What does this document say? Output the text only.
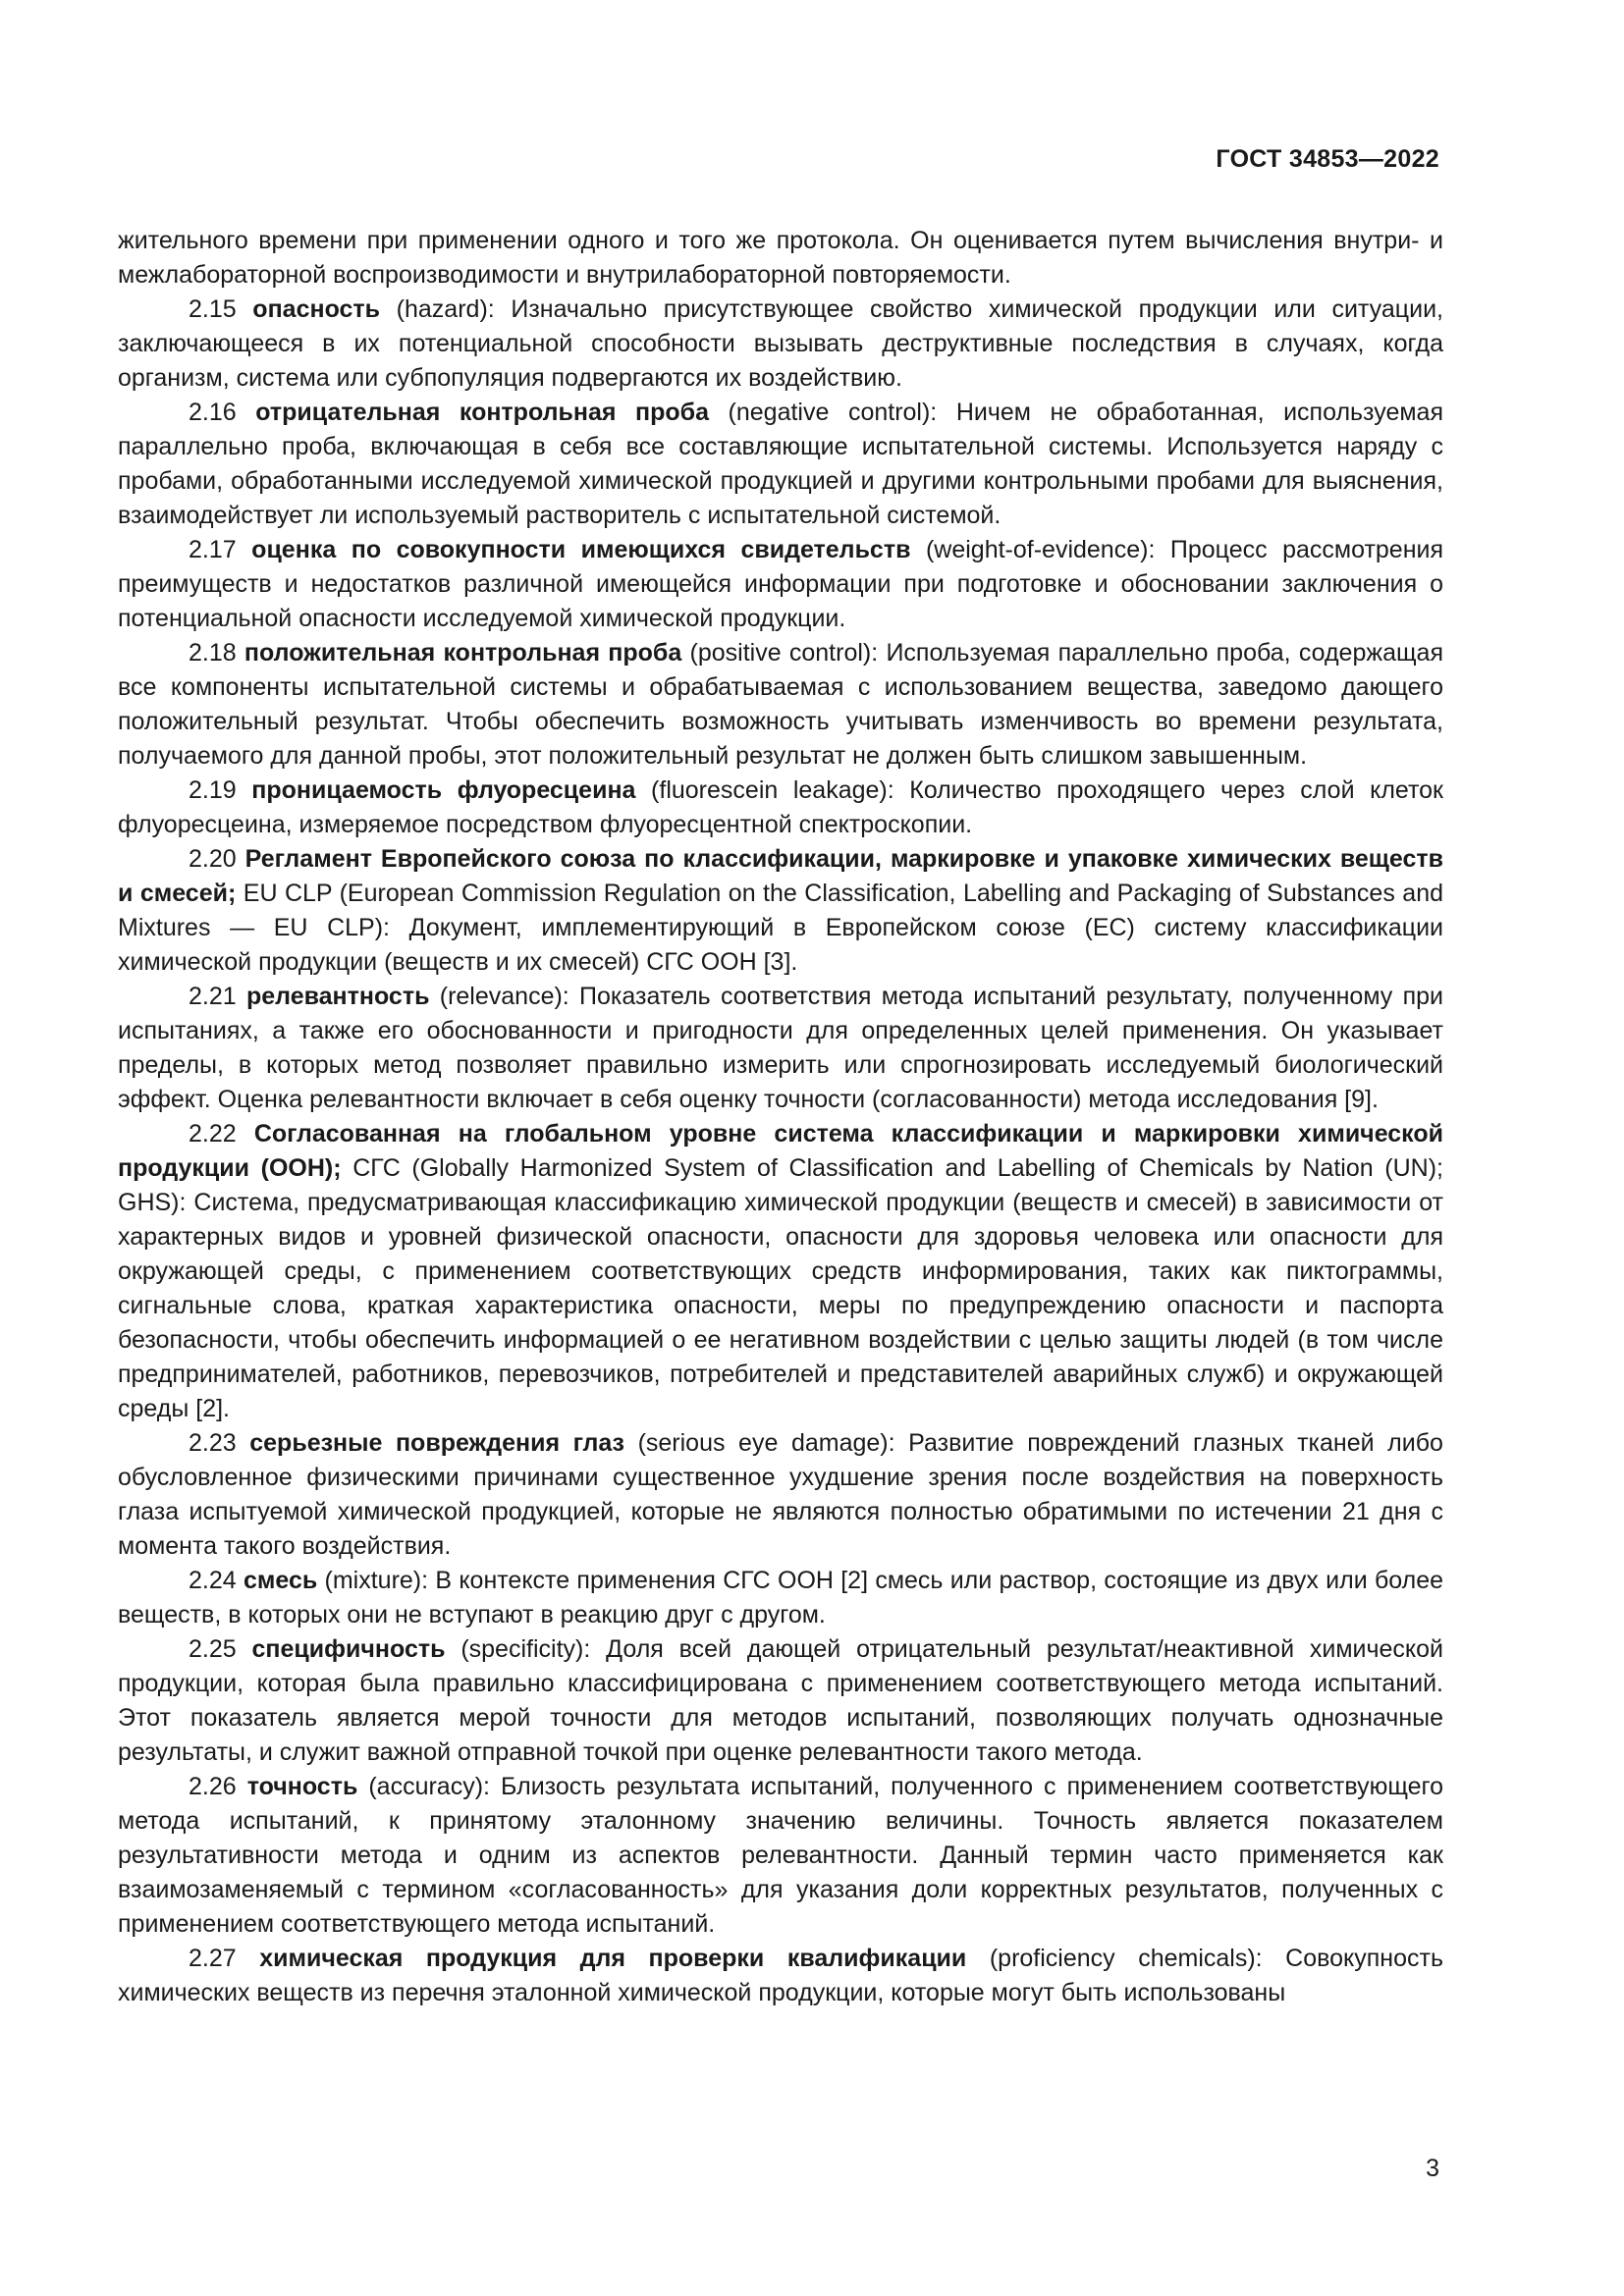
ГОСТ 34853—2022

жительного времени при применении одного и того же протокола. Он оценивается путем вычисления внутри- и межлабораторной воспроизводимости и внутрилабораторной повторяемости.

2.15 опасность (hazard): Изначально присутствующее свойство химической продукции или ситуации, заключающееся в их потенциальной способности вызывать деструктивные последствия в случаях, когда организм, система или субпопуляция подвергаются их воздействию.

2.16 отрицательная контрольная проба (negative control): Ничем не обработанная, используемая параллельно проба, включающая в себя все составляющие испытательной системы. Используется наряду с пробами, обработанными исследуемой химической продукцией и другими контрольными пробами для выяснения, взаимодействует ли используемый растворитель с испытательной системой.

2.17 оценка по совокупности имеющихся свидетельств (weight-of-evidence): Процесс рассмотрения преимуществ и недостатков различной имеющейся информации при подготовке и обосновании заключения о потенциальной опасности исследуемой химической продукции.

2.18 положительная контрольная проба (positive control): Используемая параллельно проба, содержащая все компоненты испытательной системы и обрабатываемая с использованием вещества, заведомо дающего положительный результат. Чтобы обеспечить возможность учитывать изменчивость во времени результата, получаемого для данной пробы, этот положительный результат не должен быть слишком завышенным.

2.19 проницаемость флуоресцеина (fluorescein leakage): Количество проходящего через слой клеток флуоресцеина, измеряемое посредством флуоресцентной спектроскопии.

2.20 Регламент Европейского союза по классификации, маркировке и упаковке химических веществ и смесей; EU CLP (European Commission Regulation on the Classification, Labelling and Packaging of Substances and Mixtures — EU CLP): Документ, имплементирующий в Европейском союзе (ЕС) систему классификации химической продукции (веществ и их смесей) СГС ООН [3].

2.21 релевантность (relevance): Показатель соответствия метода испытаний результату, полученному при испытаниях, а также его обоснованности и пригодности для определенных целей применения. Он указывает пределы, в которых метод позволяет правильно измерить или спрогнозировать исследуемый биологический эффект. Оценка релевантности включает в себя оценку точности (согласованности) метода исследования [9].

2.22 Согласованная на глобальном уровне система классификации и маркировки химической продукции (ООН); СГС (Globally Harmonized System of Classification and Labelling of Chemicals by Nation (UN); GHS): Система, предусматривающая классификацию химической продукции (веществ и смесей) в зависимости от характерных видов и уровней физической опасности, опасности для здоровья человека или опасности для окружающей среды, с применением соответствующих средств информирования, таких как пиктограммы, сигнальные слова, краткая характеристика опасности, меры по предупреждению опасности и паспорта безопасности, чтобы обеспечить информацией о ее негативном воздействии с целью защиты людей (в том числе предпринимателей, работников, перевозчиков, потребителей и представителей аварийных служб) и окружающей среды [2].

2.23 серьезные повреждения глаз (serious eye damage): Развитие повреждений глазных тканей либо обусловленное физическими причинами существенное ухудшение зрения после воздействия на поверхность глаза испытуемой химической продукцией, которые не являются полностью обратимыми по истечении 21 дня с момента такого воздействия.

2.24 смесь (mixture): В контексте применения СГС ООН [2] смесь или раствор, состоящие из двух или более веществ, в которых они не вступают в реакцию друг с другом.

2.25 специфичность (specificity): Доля всей дающей отрицательный результат/неактивной химической продукции, которая была правильно классифицирована с применением соответствующего метода испытаний. Этот показатель является мерой точности для методов испытаний, позволяющих получать однозначные результаты, и служит важной отправной точкой при оценке релевантности такого метода.

2.26 точность (accuracy): Близость результата испытаний, полученного с применением соответствующего метода испытаний, к принятому эталонному значению величины. Точность является показателем результативности метода и одним из аспектов релевантности. Данный термин часто применяется как взаимозаменяемый с термином «согласованность» для указания доли корректных результатов, полученных с применением соответствующего метода испытаний.

2.27 химическая продукция для проверки квалификации (proficiency chemicals): Совокупность химических веществ из перечня эталонной химической продукции, которые могут быть использованы

3
